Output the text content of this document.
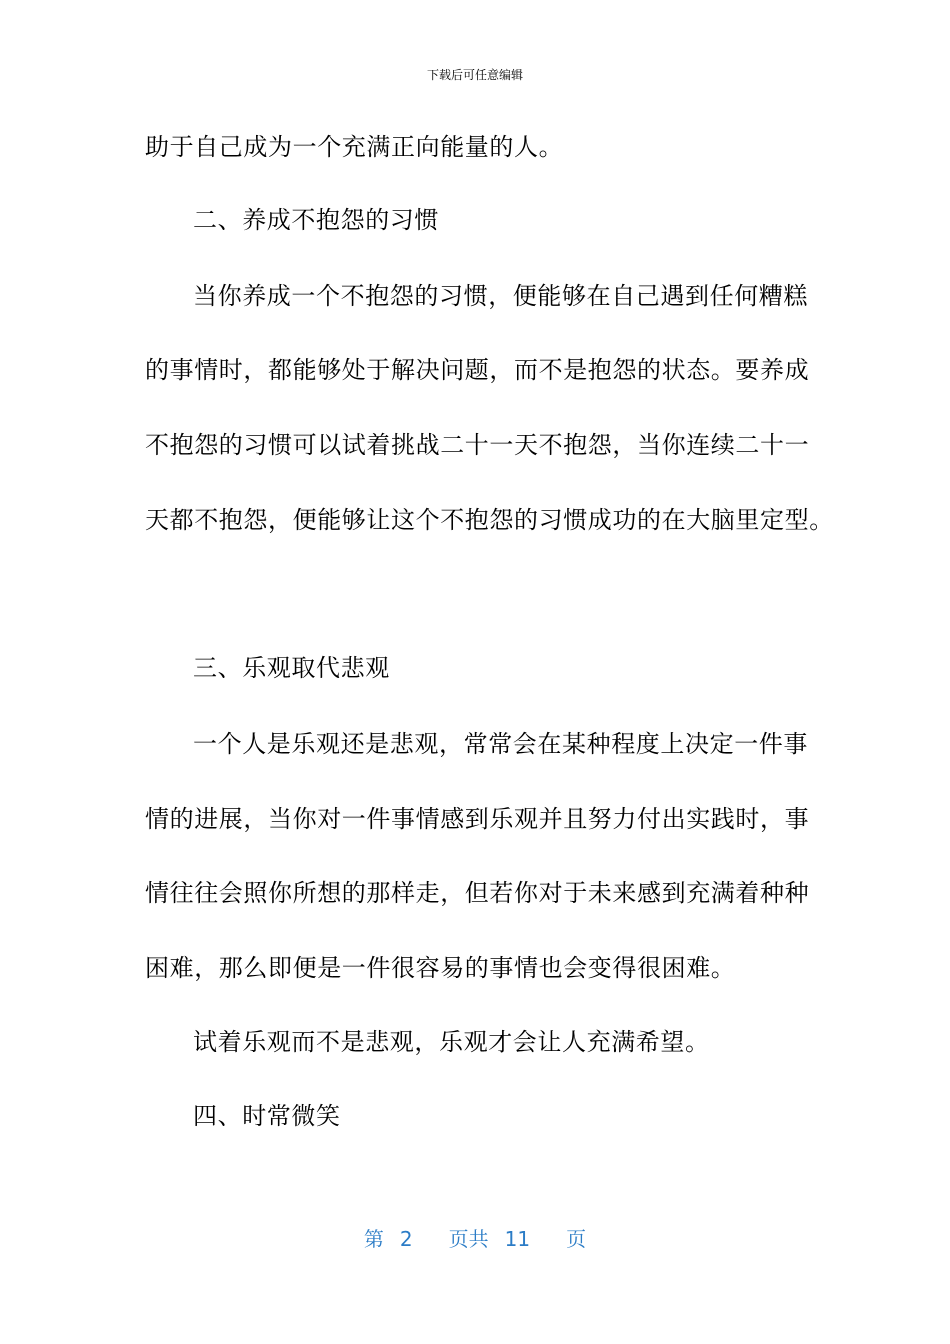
下载后可任意编辑
助于自己成为一个充满正向能量的人。
二、养成不抱怨的习惯
当你养成一个不抱怨的习惯，便能够在自己遇到任何糟糕
的事情时，都能够处于解决问题，而不是抱怨的状态。要养成
不抱怨的习惯可以试着挑战二十一天不抱怨，当你连续二十一
天都不抱怨，便能够让这个不抱怨的习惯成功的在大脑里定型。
三、乐观取代悲观
一个人是乐观还是悲观，常常会在某种程度上决定一件事
情的进展，当你对一件事情感到乐观并且努力付出实践时，事
情往往会照你所想的那样走，但若你对于未来感到充满着种种
困难，那么即便是一件很容易的事情也会变得很困难。
试着乐观而不是悲观，乐观才会让人充满希望。
四、时常微笑
第 2 页共 11 页
